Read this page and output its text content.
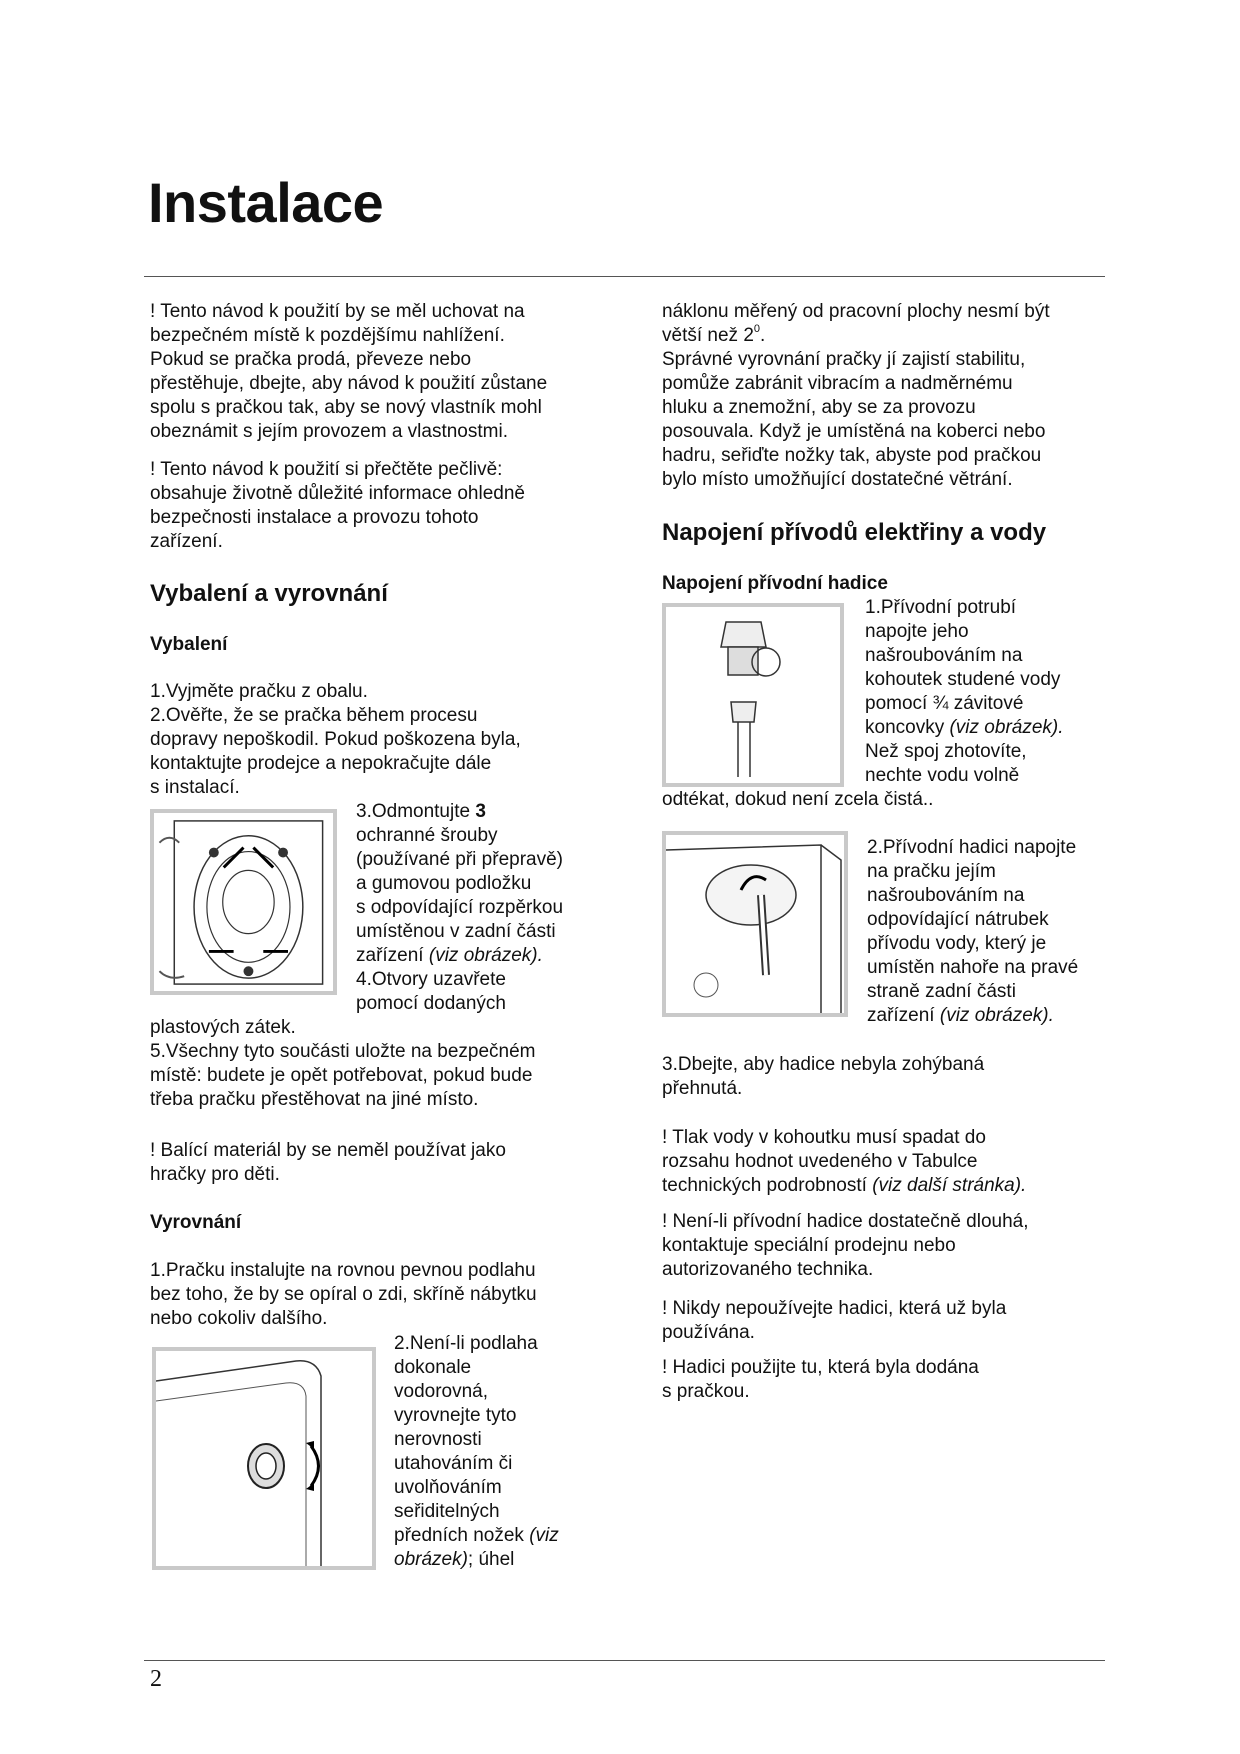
Instalace
! Tento návod k použití by se měl uchovat na
bezpečném místě k pozdějšímu nahlížení.
Pokud se pračka prodá, převeze nebo
přestěhuje, dbejte, aby návod k použití zůstane
spolu s pračkou tak, aby se nový vlastník mohl
obeznámit s jejím provozem a vlastnostmi.
! Tento návod k použití si přečtěte pečlivě:
obsahuje životně důležité informace ohledně
bezpečnosti instalace a provozu tohoto
zařízení.
Vybalení a vyrovnání
Vybalení
1.Vyjměte pračku z obalu.
2.Ověřte, že se pračka během procesu
dopravy nepoškodil. Pokud poškozena byla,
kontaktujte prodejce a nepokračujte dále
s instalací.
3.Odmontujte 3
ochranné šrouby
(používané při přepravě)
a gumovou podložku
s odpovídající rozpěrkou
umístěnou v zadní části
zařízení (viz obrázek).
4.Otvory uzavřete
pomocí dodaných
plastových zátek.
5.Všechny tyto součásti uložte na bezpečném
místě: budete je opět potřebovat, pokud bude
třeba pračku přestěhovat na jiné místo.
! Balící materiál by se neměl používat jako
hračky pro děti.
Vyrovnání
1.Pračku instalujte na rovnou pevnou podlahu
bez toho, že by se opíral o zdi, skříně nábytku
nebo cokoliv dalšího.
2.Není-li podlaha
dokonale
vodorovná,
vyrovnejte tyto
nerovnosti
utahováním či
uvolňováním
seřiditelných
předních nožek (viz
obrázek); úhel
náklonu měřený od pracovní plochy nesmí být
větší než $2^0$.
Správné vyrovnání pračky jí zajistí stabilitu,
pomůže zabránit vibracím a nadměrnému
hluku a znemožní, aby se za provozu
posouvala. Když je umístěná na koberci nebo
hadru, seřiďte nožky tak, abyste pod pračkou
bylo místo umožňující dostatečné větrání.
Napojení přívodů elektřiny a vody
Napojení přívodní hadice
1.Přívodní potrubí
napojte jeho
našroubováním na
kohoutek studené vody
pomocí ¾ závitové
koncovky (viz obrázek).
Než spoj zhotovíte,
nechte vodu volně
odtékat, dokud není zcela čistá..
2.Přívodní hadici napojte
na pračku jejím
našroubováním na
odpovídající nátrubek
přívodu vody, který je
umístěn nahoře na pravé
straně zadní části
zařízení (viz obrázek).
3.Dbejte, aby hadice nebyla zohýbaná
přehnutá.
! Tlak vody v kohoutku musí spadat do
rozsahu hodnot uvedeného v Tabulce
technických podrobností (viz další stránka).
! Není-li přívodní hadice dostatečně dlouhá,
kontaktuje speciální prodejnu nebo
autorizovaného technika.
! Nikdy nepoužívejte hadici, která už byla
používána.
! Hadici použijte tu, která byla dodána
s pračkou.
2
